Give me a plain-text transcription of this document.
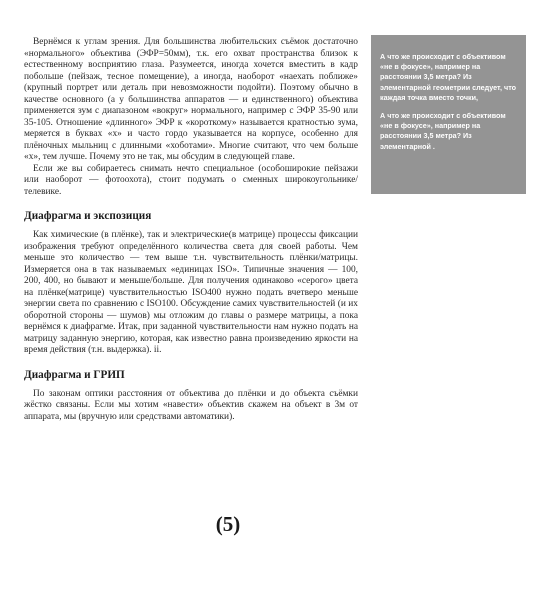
Вернёмся к углам зрения. Для большинства любительских съёмок достаточно «нормального» объектива (ЭФР=50мм), т.к. его охват пространства близок к естественному восприятию глаза. Разумеется, иногда хочется вместить в кадр побольше (пейзаж, тесное помещение), а иногда, наоборот «наехать поближе» (крупный портрет или деталь при невозможности подойти). Поэтому обычно в качестве основного (а у большинства аппаратов — и единственного) объектива применяется зум с диапазоном «вокруг» нормального, например с ЭФР 35-90 или 35-105. Отношение «длинного» ЭФР к «короткому» называется кратностью зума, меряется в буквах «х» и часто гордо указывается на корпусе, особенно для плёночных мыльниц с длинными «хоботами». Многие считают, что чем больше «х», тем лучше. Почему это не так, мы обсудим в следующей главе.

Если же вы собираетесь снимать нечто специальное (особоширокие пейзажи или наоборот — фотоохота), стоит подумать о сменных широкоугольнике/телевике.

Диафрагма и экспозиция

Как химические (в плёнке), так и электрические(в матрице) процессы фиксации изображения требуют определённого количества света для своей работы. Чем меньше это количество — тем выше т.н. чувствительность плёнки/матрицы. Измеряется она в так называемых «единицах ISO». Типичные значения — 100, 200, 400, но бывают и меньше/больше. Для получения одинаково «серого» цвета на плёнке(матрице) чувствительностью ISO400 нужно подать вчетверо меньше энергии света по сравнению с ISO100. Обсуждение самих чувствительностей (и их оборотной стороны — шумов) мы отложим до главы о размере матрицы, а пока вернёмся к диафрагме. Итак, при заданной чувствительности нам нужно подать на матрицу заданную энергию, которая, как известно равна произведению яркости на время действия (т.н. выдержка). ii.

Диафрагма и ГРИП

По законам оптики расстояния от объектива до плёнки и до объекта съёмки жёстко связаны. Если мы хотим «навести» объектив скажем на объект в 3м от аппарата, мы (вручную или средствами автоматики).

(5)

А что же происходит с объективом «не в фокусе», например на расстоянии 3,5 метра? Из элементарной геометрии следует, что каждая точка вместо точки,

А что же происходит с объективом «не в фокусе», например на расстоянии 3,5 метра? Из элементарной .
